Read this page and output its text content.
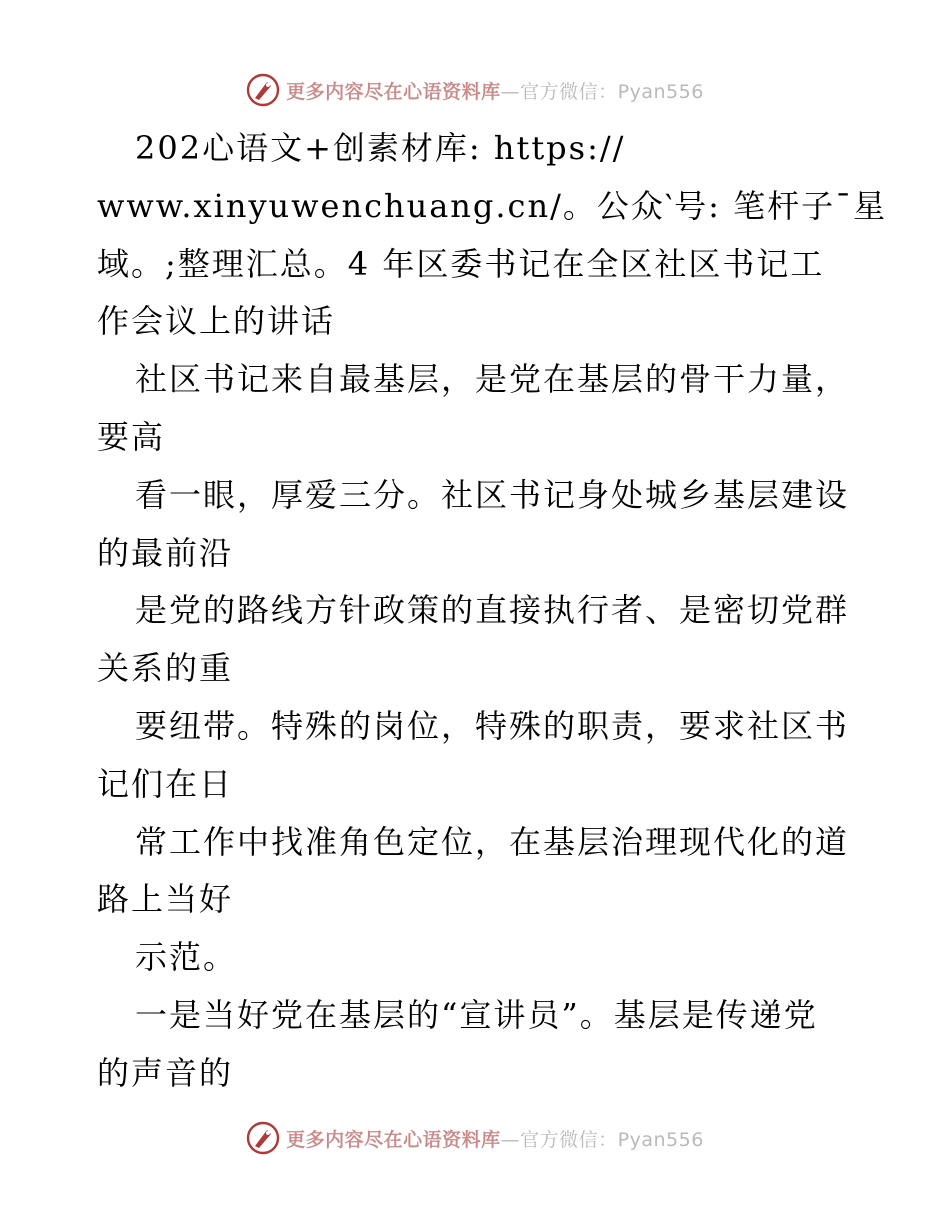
更多内容尽在心语资料库—官方微信：Pyan556
202心语文+创素材库: https://
www.xinyuwenchuang.cn/。公众‵号: 笔杆子¯星
域。;整理汇总。4 年区委书记在全区社区书记工
作会议上的讲话
社区书记来自最基层，是党在基层的骨干力量，
要高
看一眼，厚爱三分。社区书记身处城乡基层建设
的最前沿
是党的路线方针政策的直接执行者、是密切党群
关系的重
要纽带。特殊的岗位，特殊的职责，要求社区书
记们在日
常工作中找准角色定位，在基层治理现代化的道
路上当好
示范。
一是当好党在基层的“宣讲员”。基层是传递党
的声音的
更多内容尽在心语资料库—官方微信：Pyan556
